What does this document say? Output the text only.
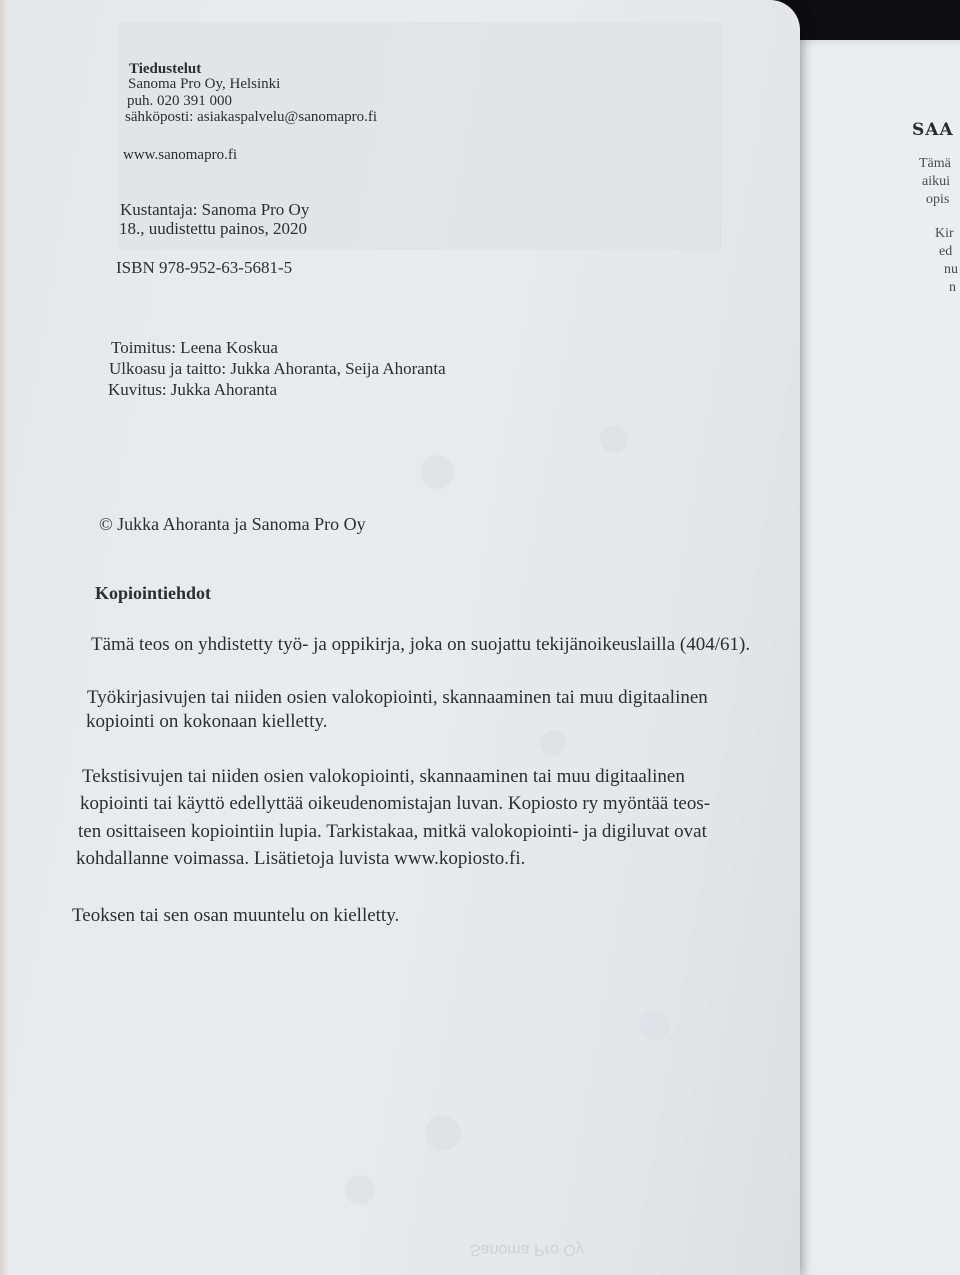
SAA
Tämä
aikui
opis
Kir
ed
nu
n
Sanoma Pro Oy
Tiedustelut
Sanoma Pro Oy, Helsinki
puh. 020 391 000
sähköposti: asiakaspalvelu@sanomapro.fi
www.sanomapro.fi
Kustantaja: Sanoma Pro Oy
18., uudistettu painos, 2020
ISBN 978-952-63-5681-5
Toimitus: Leena Koskua
Ulkoasu ja taitto: Jukka Ahoranta, Seija Ahoranta
Kuvitus: Jukka Ahoranta
© Jukka Ahoranta ja Sanoma Pro Oy
Kopiointiehdot
Tämä teos on yhdistetty työ- ja oppikirja, joka on suojattu tekijänoikeuslailla (404/61).
Työkirjasivujen tai niiden osien valokopiointi, skannaaminen tai muu digitaalinen
kopiointi on kokonaan kielletty.
Tekstisivujen tai niiden osien valokopiointi, skannaaminen tai muu digitaalinen
kopiointi tai käyttö edellyttää oikeudenomistajan luvan. Kopiosto ry myöntää teos-
ten osittaiseen kopiointiin lupia. Tarkistakaa, mitkä valokopiointi- ja digiluvat ovat
kohdallanne voimassa. Lisätietoja luvista www.kopiosto.fi.
Teoksen tai sen osan muuntelu on kielletty.
